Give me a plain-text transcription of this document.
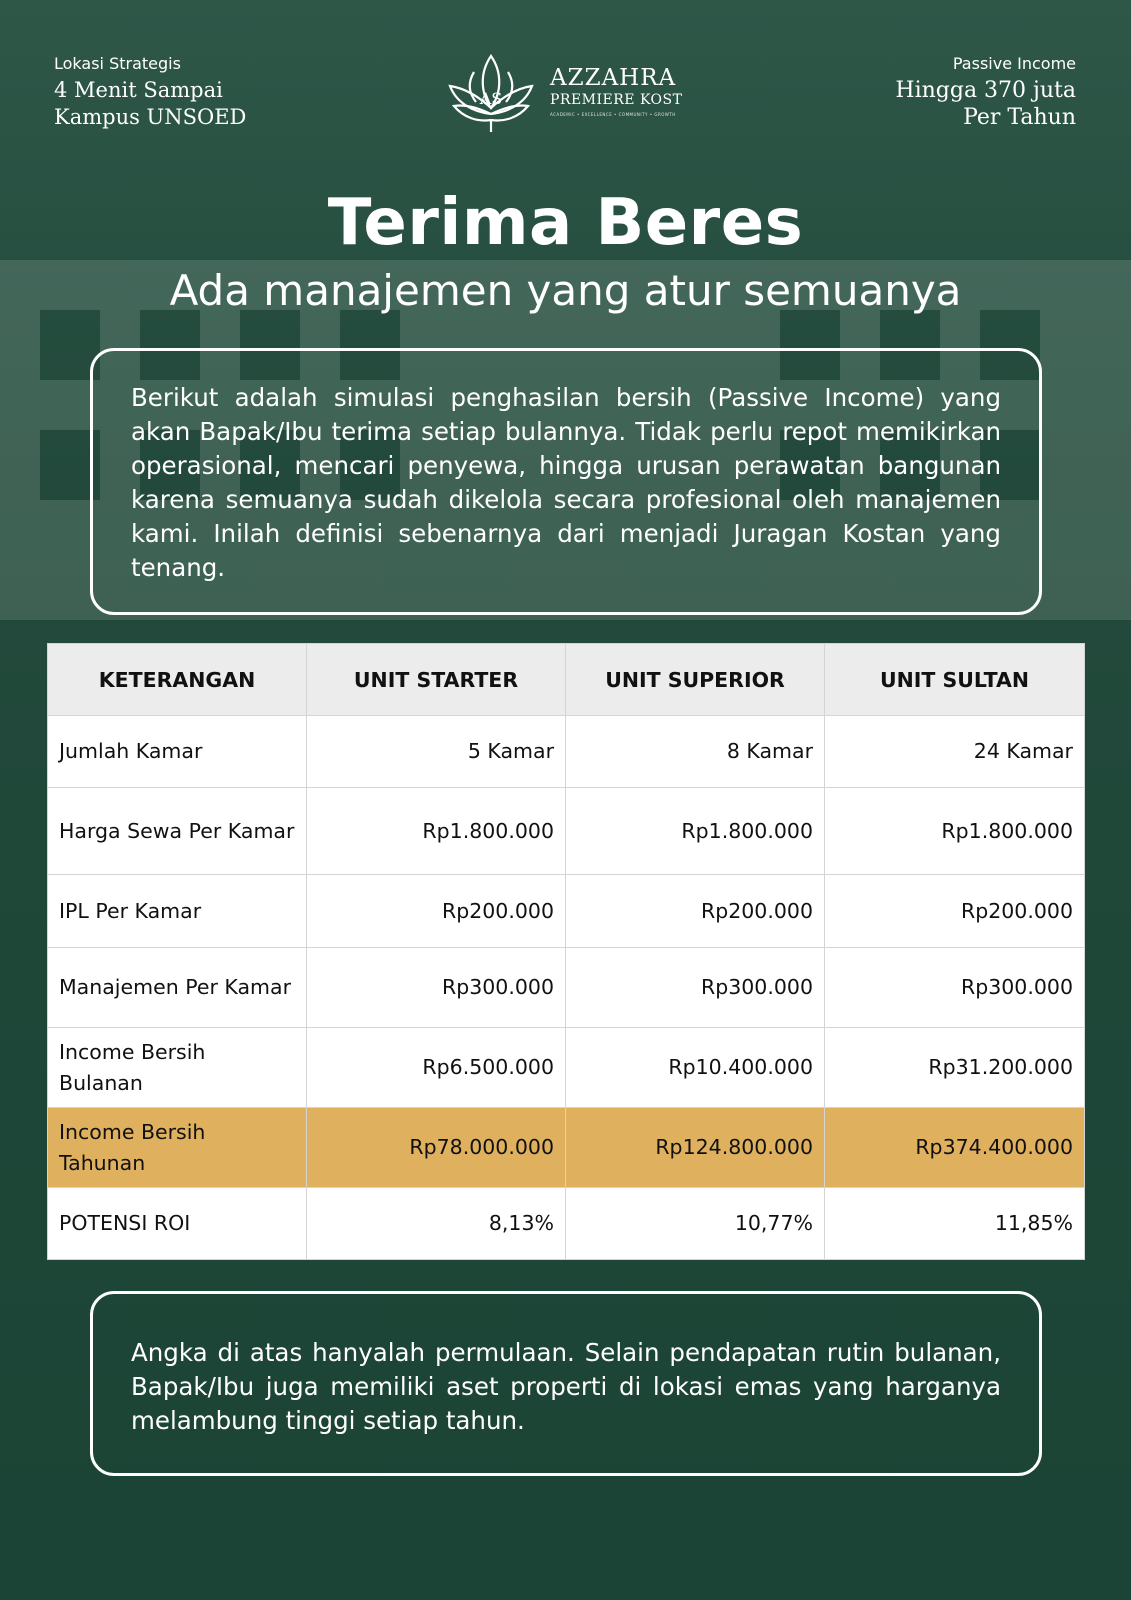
Lokasi Strategis
4 Menit Sampai
Kampus UNSOED
AS
AZZAHRA
PREMIERE KOST
ACADEMIC • EXCELLENCE • COMMUNITY • GROWTH
Passive Income
Hingga 370 juta
Per Tahun
Terima Beres
Ada manajemen yang atur semuanya

Berikut adalah simulasi penghasilan bersih (Passive Income) yang akan Bapak/Ibu terima setiap bulannya. Tidak perlu repot memikirkan operasional, mencari penyewa, hingga urusan perawatan bangunan karena semuanya sudah dikelola secara profesional oleh manajemen kami. Inilah definisi sebenarnya dari menjadi Juragan Kostan yang tenang.

KETERANGAN	UNIT STARTER	UNIT SUPERIOR	UNIT SULTAN
Jumlah Kamar	5 Kamar	8 Kamar	24 Kamar
Harga Sewa Per Kamar	Rp1.800.000	Rp1.800.000	Rp1.800.000
IPL Per Kamar	Rp200.000	Rp200.000	Rp200.000
Manajemen Per Kamar	Rp300.000	Rp300.000	Rp300.000
Income Bersih Bulanan	Rp6.500.000	Rp10.400.000	Rp31.200.000
Income Bersih Tahunan	Rp78.000.000	Rp124.800.000	Rp374.400.000
POTENSI ROI	8,13%	10,77%	11,85%

Angka di atas hanyalah permulaan. Selain pendapatan rutin bulanan, Bapak/Ibu juga memiliki aset properti di lokasi emas yang harganya melambung tinggi setiap tahun.
